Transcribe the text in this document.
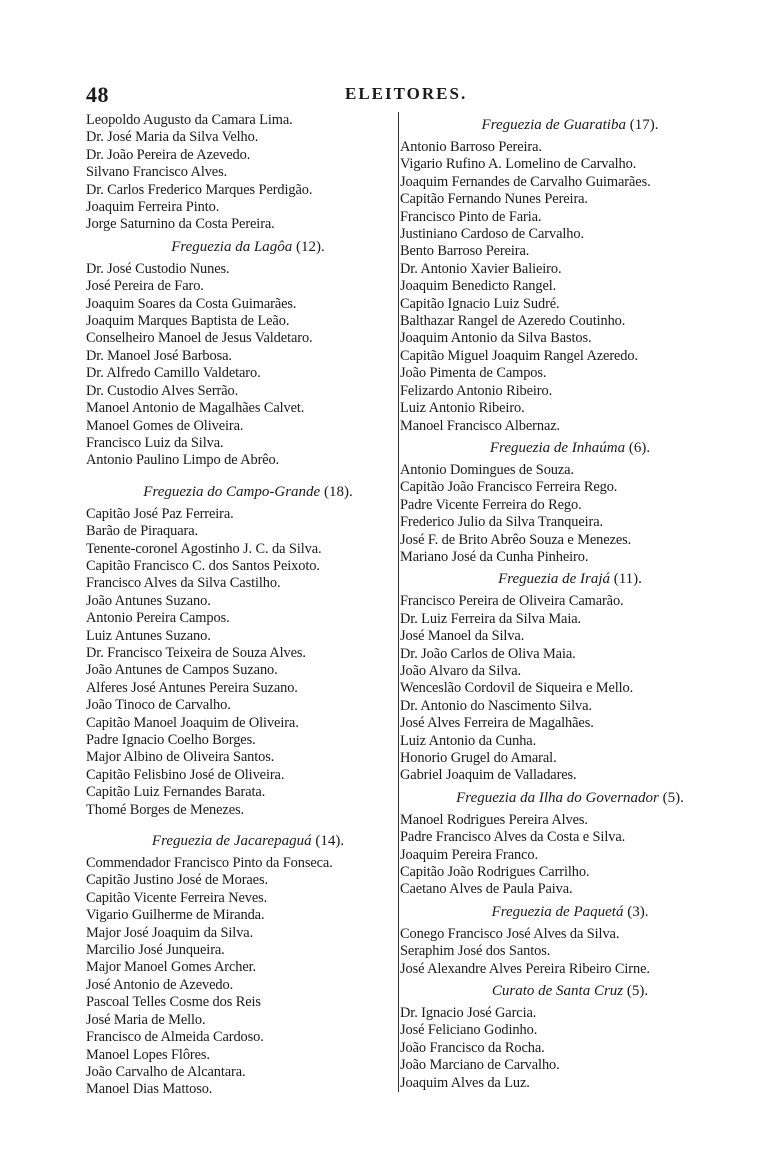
48	ELEITORES.
Leopoldo Augusto da Camara Lima.
Dr. José Maria da Silva Velho.
Dr. João Pereira de Azevedo.
Silvano Francisco Alves.
Dr. Carlos Frederico Marques Perdigão.
Joaquim Ferreira Pinto.
Jorge Saturnino da Costa Pereira.
Freguezia da Lagôa (12).
Dr. José Custodio Nunes.
José Pereira de Faro.
Joaquim Soares da Costa Guimarães.
Joaquim Marques Baptista de Leão.
Conselheiro Manoel de Jesus Valdetaro.
Dr. Manoel José Barbosa.
Dr. Alfredo Camillo Valdetaro.
Dr. Custodio Alves Serrão.
Manoel Antonio de Magalhães Calvet.
Manoel Gomes de Oliveira.
Francisco Luiz da Silva.
Antonio Paulino Limpo de Abrêo.
Freguezia do Campo-Grande (18).
Capitão José Paz Ferreira.
Barão de Piraquara.
Tenente-coronel Agostinho J. C. da Silva.
Capitão Francisco C. dos Santos Peixoto.
Francisco Alves da Silva Castilho.
João Antunes Suzano.
Antonio Pereira Campos.
Luiz Antunes Suzano.
Dr. Francisco Teixeira de Souza Alves.
João Antunes de Campos Suzano.
Alferes José Antunes Pereira Suzano.
João Tinoco de Carvalho.
Capitão Manoel Joaquim de Oliveira.
Padre Ignacio Coelho Borges.
Major Albino de Oliveira Santos.
Capitão Felisbino José de Oliveira.
Capitão Luiz Fernandes Barata.
Thomé Borges de Menezes.
Freguezia de Jacarepaguá (14).
Commendador Francisco Pinto da Fonseca.
Capitão Justino José de Moraes.
Capitão Vicente Ferreira Neves.
Vigario Guilherme de Miranda.
Major José Joaquim da Silva.
Marcilio José Junqueira.
Major Manoel Gomes Archer.
José Antonio de Azevedo.
Pascoal Telles Cosme dos Reis
José Maria de Mello.
Francisco de Almeida Cardoso.
Manoel Lopes Flôres.
João Carvalho de Alcantara.
Manoel Dias Mattoso.
Freguezia de Guaratiba (17).
Antonio Barroso Pereira.
Vigario Rufino A. Lomelino de Carvalho.
Joaquim Fernandes de Carvalho Guimarães.
Capitão Fernando Nunes Pereira.
Francisco Pinto de Faria.
Justiniano Cardoso de Carvalho.
Bento Barroso Pereira.
Dr. Antonio Xavier Balieiro.
Joaquim Benedicto Rangel.
Capitão Ignacio Luiz Sudré.
Balthazar Rangel de Azeredo Coutinho.
Joaquim Antonio da Silva Bastos.
Capitão Miguel Joaquim Rangel Azeredo.
João Pimenta de Campos.
Felizardo Antonio Ribeiro.
Luiz Antonio Ribeiro.
Manoel Francisco Albernaz.
Freguezia de Inhaúma (6).
Antonio Domingues de Souza.
Capitão João Francisco Ferreira Rego.
Padre Vicente Ferreira do Rego.
Frederico Julio da Silva Tranqueira.
José F. de Brito Abrêo Souza e Menezes.
Mariano José da Cunha Pinheiro.
Freguezia de Irajá (11).
Francisco Pereira de Oliveira Camarão.
Dr. Luiz Ferreira da Silva Maia.
José Manoel da Silva.
Dr. João Carlos de Oliva Maia.
João Alvaro da Silva.
Wenceslão Cordovil de Siqueira e Mello.
Dr. Antonio do Nascimento Silva.
José Alves Ferreira de Magalhães.
Luiz Antonio da Cunha.
Honorio Grugel do Amaral.
Gabriel Joaquim de Valladares.
Freguezia da Ilha do Governador (5).
Manoel Rodrigues Pereira Alves.
Padre Francisco Alves da Costa e Silva.
Joaquim Pereira Franco.
Capitão João Rodrigues Carrilho.
Caetano Alves de Paula Paiva.
Freguezia de Paquetá (3).
Conego Francisco José Alves da Silva.
Seraphim José dos Santos.
José Alexandre Alves Pereira Ribeiro Cirne.
Curato de Santa Cruz (5).
Dr. Ignacio José Garcia.
José Feliciano Godinho.
João Francisco da Rocha.
João Marciano de Carvalho.
Joaquim Alves da Luz.
